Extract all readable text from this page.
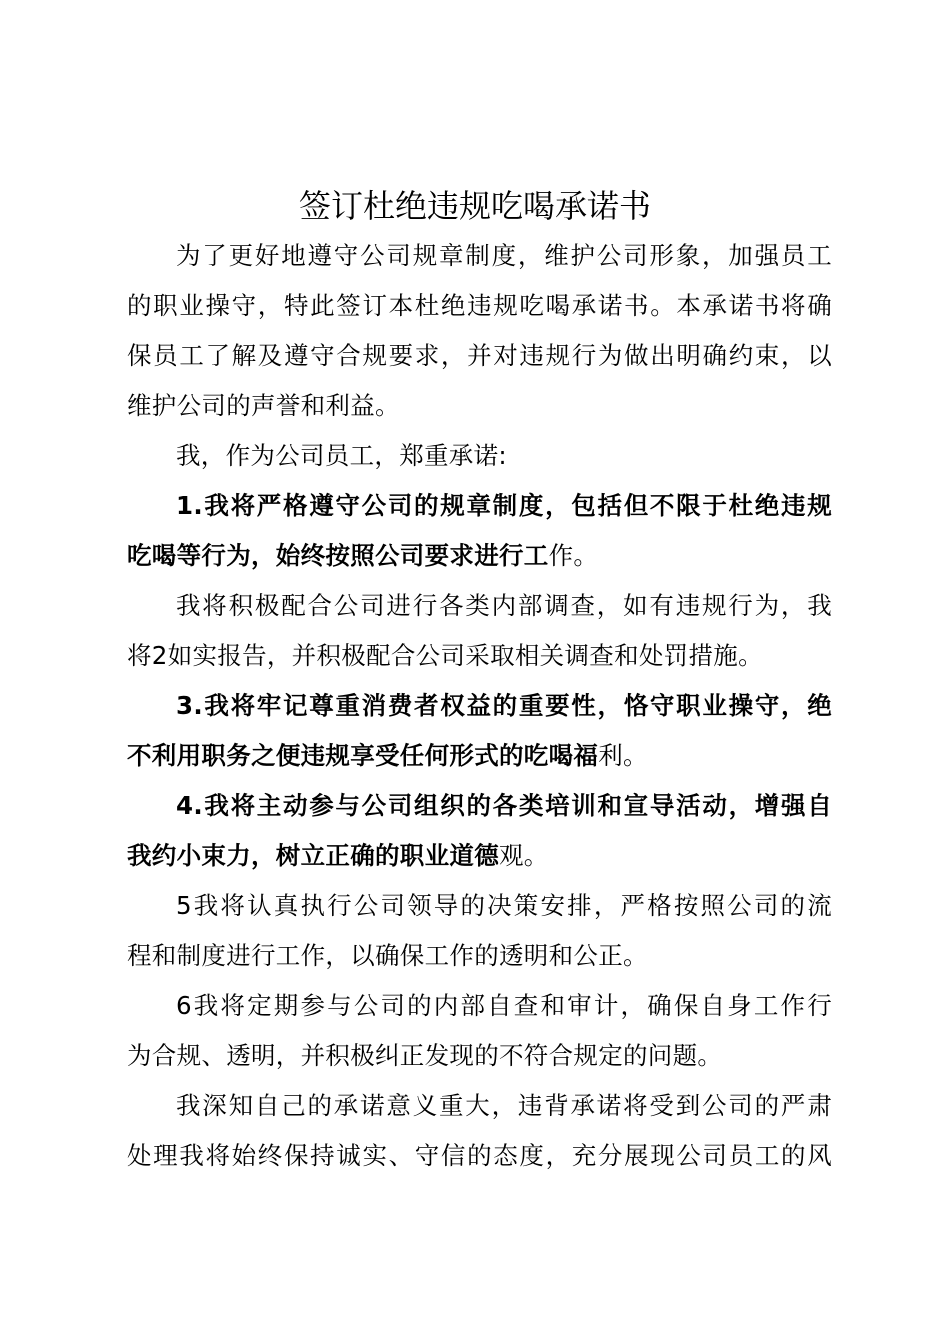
签订杜绝违规吃喝承诺书
为了更好地遵守公司规章制度，维护公司形象，加强员工
的职业操守，特此签订本杜绝违规吃喝承诺书。本承诺书将确
保员工了解及遵守合规要求，并对违规行为做出明确约束，以
维护公司的声誉和利益。
我，作为公司员工，郑重承诺:
1.我将严格遵守公司的规章制度，包括但不限于杜绝违规
吃喝等行为，始终按照公司要求进行工作。
我将积极配合公司进行各类内部调查，如有违规行为，我
将2如实报告，并积极配合公司采取相关调查和处罚措施。
3.我将牢记尊重消费者权益的重要性，恪守职业操守，绝
不利用职务之便违规享受任何形式的吃喝福利。
4.我将主动参与公司组织的各类培训和宣导活动，增强自
我约小束力，树立正确的职业道德观。
5我将认真执行公司领导的决策安排，严格按照公司的流
程和制度进行工作，以确保工作的透明和公正。
6我将定期参与公司的内部自查和审计，确保自身工作行
为合规、透明，并积极纠正发现的不符合规定的问题。
我深知自己的承诺意义重大，违背承诺将受到公司的严肃
处理我将始终保持诚实、守信的态度，充分展现公司员工的风
